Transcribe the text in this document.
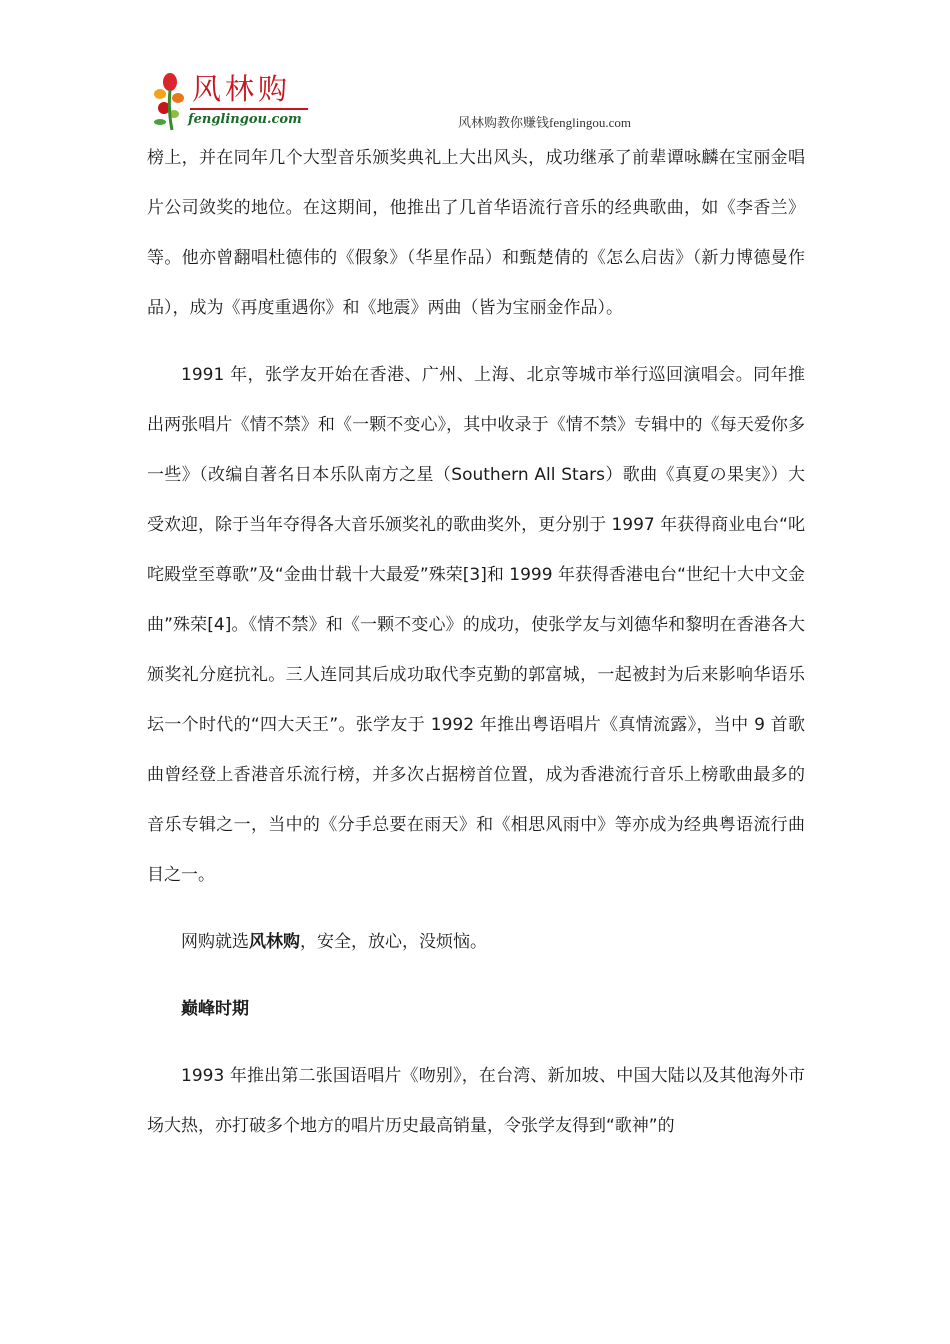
风林购
fenglingou.com	风林购教你赚钱fenglingou.com

榜上，并在同年几个大型音乐颁奖典礼上大出风头，成功继承了前辈谭咏麟在宝丽金唱片公司敛奖的地位。在这期间，他推出了几首华语流行音乐的经典歌曲，如《李香兰》等。他亦曾翻唱杜德伟的《假象》（华星作品）和甄楚倩的《怎么启齿》（新力博德曼作品），成为《再度重遇你》和《地震》两曲（皆为宝丽金作品）。

1991 年，张学友开始在香港、广州、上海、北京等城市举行巡回演唱会。同年推出两张唱片《情不禁》和《一颗不变心》，其中收录于《情不禁》专辑中的《每天爱你多一些》（改编自著名日本乐队南方之星（Southern All Stars）歌曲《真夏の果実》）大受欢迎，除于当年夺得各大音乐颁奖礼的歌曲奖外，更分别于 1997 年获得商业电台“叱咤殿堂至尊歌”及“金曲廿载十大最爱”殊荣[3]和 1999 年获得香港电台“世纪十大中文金曲”殊荣[4]。《情不禁》和《一颗不变心》的成功，使张学友与刘德华和黎明在香港各大颁奖礼分庭抗礼。三人连同其后成功取代李克勤的郭富城，一起被封为后来影响华语乐坛一个时代的“四大天王”。张学友于 1992 年推出粤语唱片《真情流露》，当中 9 首歌曲曾经登上香港音乐流行榜，并多次占据榜首位置，成为香港流行音乐上榜歌曲最多的音乐专辑之一，当中的《分手总要在雨天》和《相思风雨中》等亦成为经典粤语流行曲目之一。

网购就选风林购，安全，放心，没烦恼。

巅峰时期

1993 年推出第二张国语唱片《吻别》，在台湾、新加坡、中国大陆以及其他海外市场大热，亦打破多个地方的唱片历史最高销量，令张学友得到“歌神”的
